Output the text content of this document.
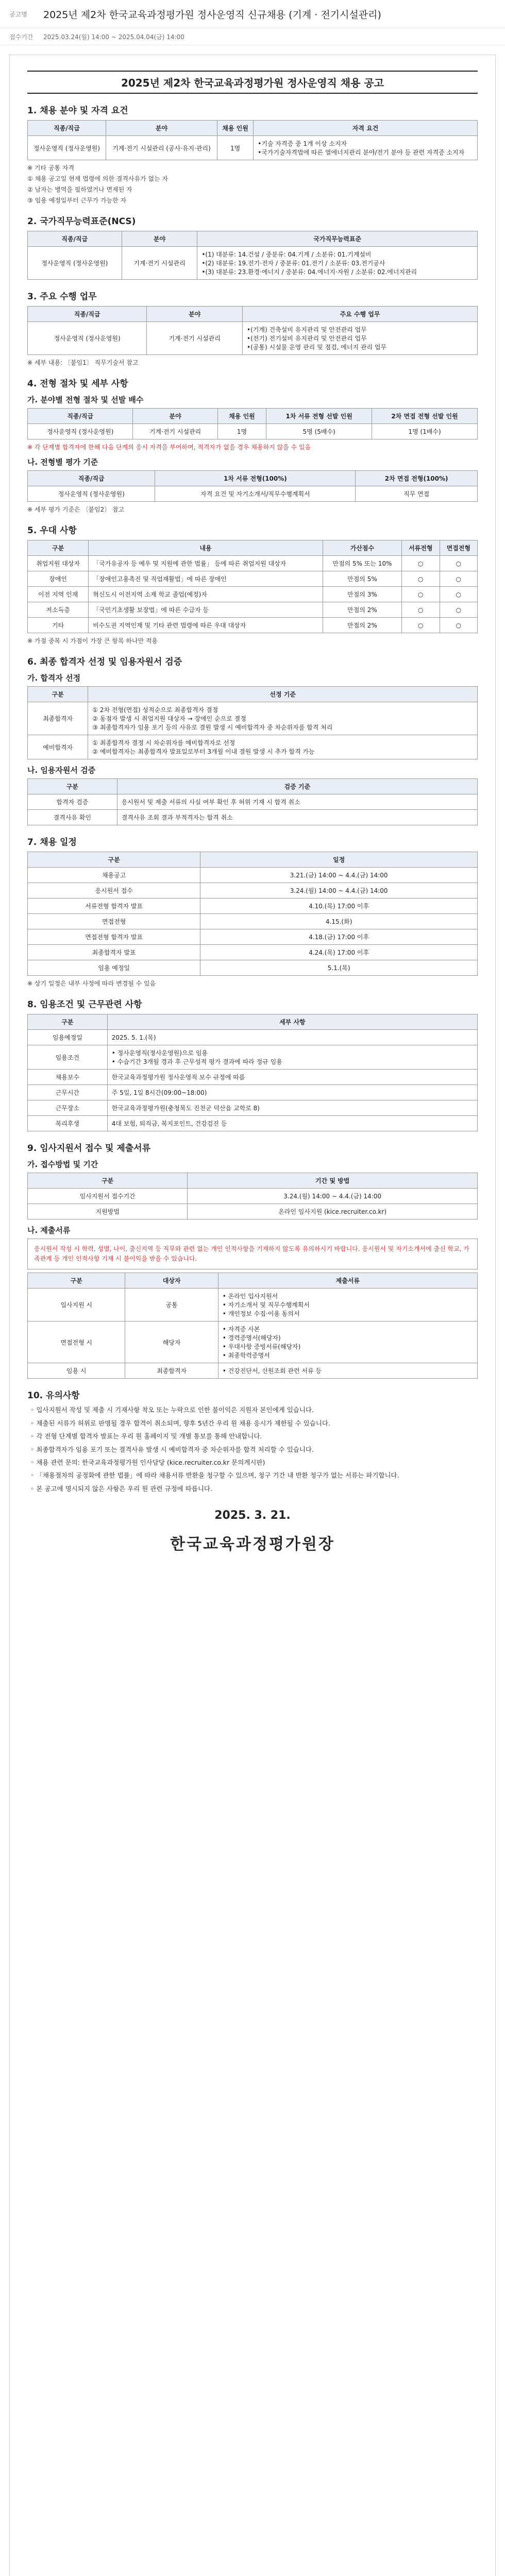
공고명	2025년 제2차 한국교육과정평가원 정사운영직 신규채용 (기계 · 전기시설관리)
접수기간	2025.03.24(월) 14:00 ~ 2025.04.04(금) 14:00
2025년 제2차 한국교육과정평가원 정사운영직 채용 공고
1. 채용 분야 및 자격 요건
직종/직급	분야	채용 인원	자격 요건
정사운영직 (정사운영원)	기계·전기 시설관리 (공사·유지·관리)	1명	•기술 자격증 중 1개 이상 소지자
•국가기술자격법에 따른 열에너지관리 분야/전기 분야 등 관련 자격증 소지자
※ 기타 공통 자격
① 채용 공고일 현재 법령에 의한 결격사유가 없는 자
② 남자는 병역을 필하였거나 면제된 자
③ 임용 예정일부터 근무가 가능한 자
2. 국가직무능력표준(NCS)
직종/직급	분야	국가직무능력표준
정사운영직 (정사운영원)	기계·전기 시설관리	•(1) 대분류: 14.건설 / 중분류: 04.기계 / 소분류: 01.기계설비
•(2) 대분류: 19.전기·전자 / 중분류: 01.전기 / 소분류: 03.전기공사
•(3) 대분류: 23.환경·에너지 / 중분류: 04.에너지·자원 / 소분류: 02.에너지관리
3. 주요 수행 업무
직종/직급	분야	주요 수행 업무
정사운영직 (정사운영원)	기계·전기 시설관리	•(기계) 건축설비 유지관리 및 안전관리 업무
•(전기) 전기설비 유지관리 및 안전관리 업무
•(공통) 시설물 운영 관리 및 점검, 에너지 관리 업무
※ 세부 내용: 〔붙임1〕 직무기술서 참고
4. 전형 절차 및 세부 사항
가. 분야별 전형 절차 및 선발 배수
직종/직급	분야	채용 인원	1차 서류 전형 선발 인원	2차 면접 전형 선발 인원
정사운영직 (정사운영원)	기계·전기 시설관리	1명	5명 (5배수)	1명 (1배수)
※ 각 단계별 합격자에 한해 다음 단계의 응시 자격을 부여하며, 적격자가 없을 경우 채용하지 않을 수 있음
나. 전형별 평가 기준
직종/직급	1차 서류 전형(100%)	2차 면접 전형(100%)
정사운영직 (정사운영원)	자격 요건 및 자기소개서/직무수행계획서	직무 면접
※ 세부 평가 기준은 〔붙임2〕 참고
5. 우대 사항
구분	내용	가산점수	서류전형	면접전형
취업지원 대상자	「국가유공자 등 예우 및 지원에 관한 법률」 등에 따른 취업지원 대상자	만점의 5% 또는 10%	○	○
장애인	「장애인고용촉진 및 직업재활법」에 따른 장애인	만점의 5%	○	○
이전 지역 인재	혁신도시 이전지역 소재 학교 졸업(예정)자	만점의 3%	○	○
저소득층	「국민기초생활 보장법」에 따른 수급자 등	만점의 2%	○	○
기타	비수도권 지역인재 및 기타 관련 법령에 따른 우대 대상자	만점의 2%	○	○
※ 가점 중복 시 가점이 가장 큰 항목 하나만 적용
6. 최종 합격자 선정 및 임용자원서 검증
가. 합격자 선정
구분	선정 기준
최종합격자	① 2차 전형(면접) 성적순으로 최종합격자 결정
② 동점자 발생 시 취업지원 대상자 → 장애인 순으로 결정
③ 최종합격자가 임용 포기 등의 사유로 결원 발생 시 예비합격자 중 차순위자를 합격 처리
예비합격자	① 최종합격자 결정 시 차순위자를 예비합격자로 선정
② 예비합격자는 최종합격자 발표일로부터 3개월 이내 결원 발생 시 추가 합격 가능
나. 임용자원서 검증
구분	검증 기준
합격자 검증	응시원서 및 제출 서류의 사실 여부 확인 후 허위 기재 시 합격 취소
결격사유 확인	결격사유 조회 결과 부적격자는 합격 취소
7. 채용 일정
구분	일정
채용공고	3.21.(금) 14:00 ~ 4.4.(금) 14:00
응시원서 접수	3.24.(월) 14:00 ~ 4.4.(금) 14:00
서류전형 합격자 발표	4.10.(목) 17:00 이후
면접전형	4.15.(화)
면접전형 합격자 발표	4.18.(금) 17:00 이후
최종합격자 발표	4.24.(목) 17:00 이후
임용 예정일	5.1.(목)
※ 상기 일정은 내부 사정에 따라 변경될 수 있음
8. 임용조건 및 근무관련 사항
구분	세부 사항
임용예정일	2025. 5. 1.(목)
임용조건	• 정사운영직(정사운영원)으로 임용
• 수습기간 3개월 경과 후 근무성적 평가 결과에 따라 정규 임용
채용보수	한국교육과정평가원 정사운영직 보수 규정에 따름
근무시간	주 5일, 1일 8시간(09:00~18:00)
근무장소	한국교육과정평가원(충청북도 진천군 덕산읍 교학로 8)
복리후생	4대 보험, 퇴직금, 복지포인트, 건강검진 등
9. 임사지원서 접수 및 제출서류
가. 접수방법 및 기간
구분	기간 및 방법
임사지원서 접수기간	3.24.(월) 14:00 ~ 4.4.(금) 14:00
지원방법	온라인 임사지원 (kice.recruiter.co.kr)
나. 제출서류
응시원서 작성 시 학력, 성별, 나이, 출신지역 등 직무와 관련 없는 개인 인적사항을 기재하지 않도록 유의하시기 바랍니다. 응시원서 및 자기소개서에 출신 학교, 가족관계 등 개인 인적사항 기재 시 불이익을 받을 수 있습니다.
구분	대상자	제출서류
입사지원 시	공통	• 온라인 입사지원서
• 자기소개서 및 직무수행계획서
• 개인정보 수집·이용 동의서
면접전형 시	해당자	• 자격증 사본
• 경력증명서(해당자)
• 우대사항 증빙서류(해당자)
• 최종학력증명서
임용 시	최종합격자	• 건강진단서, 신원조회 관련 서류 등
10. 유의사항
◦ 입사지원서 작성 및 제출 시 기재사항 착오 또는 누락으로 인한 불이익은 지원자 본인에게 있습니다.
◦ 제출된 서류가 허위로 판명될 경우 합격이 취소되며, 향후 5년간 우리 원 채용 응시가 제한될 수 있습니다.
◦ 각 전형 단계별 합격자 발표는 우리 원 홈페이지 및 개별 통보를 통해 안내합니다.
◦ 최종합격자가 임용 포기 또는 결격사유 발생 시 예비합격자 중 차순위자를 합격 처리할 수 있습니다.
◦ 채용 관련 문의: 한국교육과정평가원 인사담당 (kice.recruiter.co.kr 문의게시판)
◦ 「채용절차의 공정화에 관한 법률」에 따라 채용서류 반환을 청구할 수 있으며, 청구 기간 내 반환 청구가 없는 서류는 파기합니다.
◦ 본 공고에 명시되지 않은 사항은 우리 원 관련 규정에 따릅니다.
2025. 3. 21.
한국교육과정평가원장
